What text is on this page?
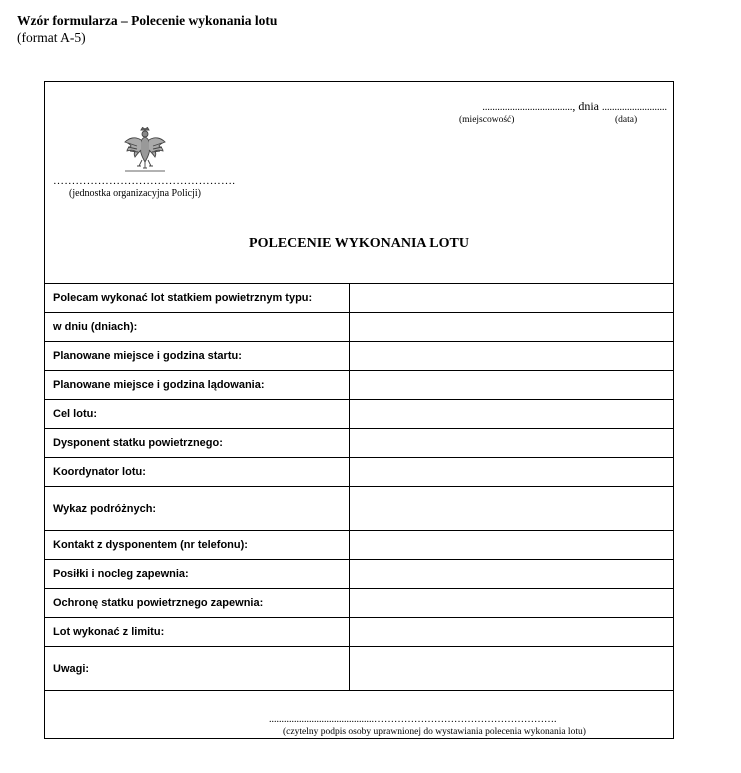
Wzór formularza – Polecenie wykonania lotu
(format A-5)
...................................., dnia ..........................
(miejscowość)	(data)
………………………………………….
(jednostka organizacyjna Policji)
POLECENIE WYKONANIA LOTU
Polecam wykonać lot statkiem powietrznym typu:	
w dniu (dniach):	
Planowane miejsce i godzina startu:	
Planowane miejsce i godzina lądowania:	
Cel lotu:	
Dysponent statku powietrznego:	
Koordynator lotu:	
Wykaz podróżnych:	
Kontakt z dysponentem (nr telefonu):	
Posiłki i nocleg zapewnia:	
Ochronę statku powietrznego zapewnia:	
Lot wykonać z limitu:	
Uwagi:	
..........................................……………………………………………….
(czytelny podpis osoby uprawnionej do wystawiania polecenia wykonania lotu)
